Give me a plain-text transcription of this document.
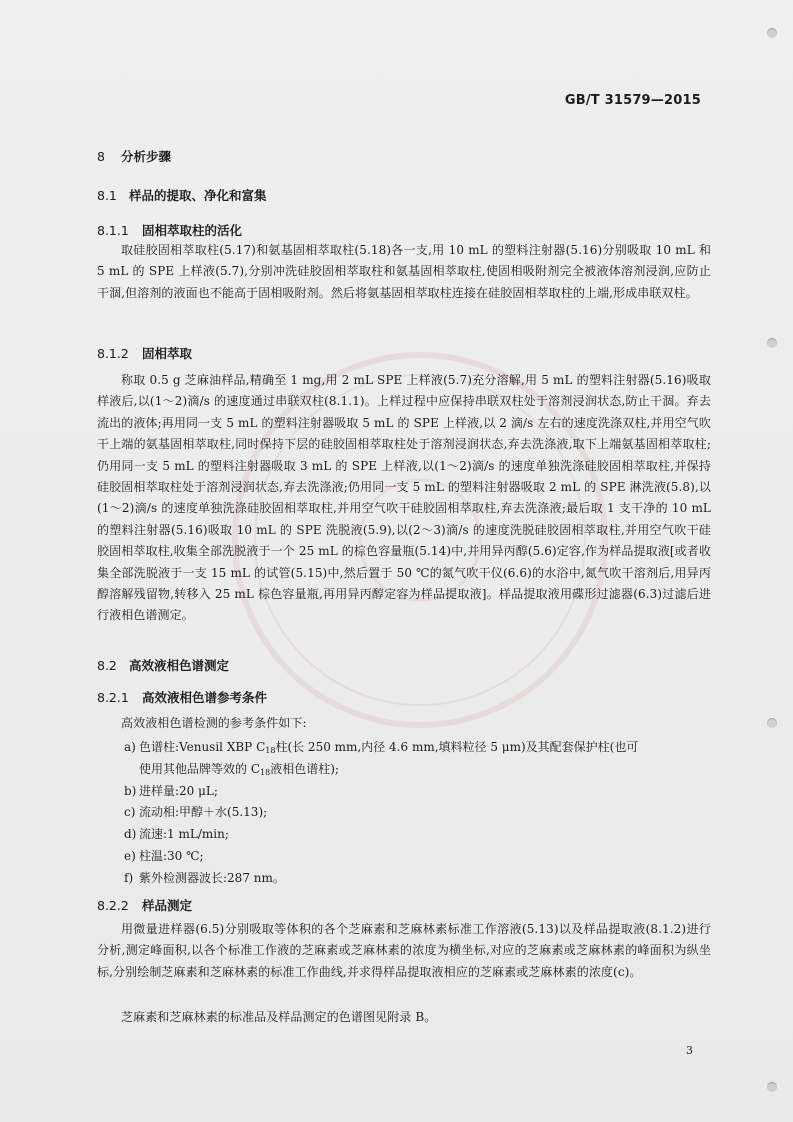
GB/T 31579—2015
8 分析步骤
8.1 样品的提取、净化和富集
8.1.1 固相萃取柱的活化

取硅胶固相萃取柱(5.17)和氨基固相萃取柱(5.18)各一支,用 10 mL 的塑料注射器(5.16)分别吸取 10 mL 和 5 mL 的 SPE 上样液(5.7),分别冲洗硅胶固相萃取柱和氨基固相萃取柱,使固相吸附剂完全被液体溶剂浸润,应防止干涸,但溶剂的液面也不能高于固相吸附剂。然后将氨基固相萃取柱连接在硅胶固相萃取柱的上端,形成串联双柱。

8.1.2 固相萃取

称取 0.5 g 芝麻油样品,精确至 1 mg,用 2 mL SPE 上样液(5.7)充分溶解,用 5 mL 的塑料注射器(5.16)吸取样液后,以(1～2)滴/s 的速度通过串联双柱(8.1.1)。上样过程中应保持串联双柱处于溶剂浸润状态,防止干涸。弃去流出的液体;再用同一支 5 mL 的塑料注射器吸取 5 mL 的 SPE 上样液,以 2 滴/s 左右的速度洗涤双柱,并用空气吹干上端的氨基固相萃取柱,同时保持下层的硅胶固相萃取柱处于溶剂浸润状态,弃去洗涤液,取下上端氨基固相萃取柱;仍用同一支 5 mL 的塑料注射器吸取 3 mL 的 SPE 上样液,以(1～2)滴/s 的速度单独洗涤硅胶固相萃取柱,并保持硅胶固相萃取柱处于溶剂浸润状态,弃去洗涤液;仍用同一支 5 mL 的塑料注射器吸取 2 mL 的 SPE 淋洗液(5.8),以(1～2)滴/s 的速度单独洗涤硅胶固相萃取柱,并用空气吹干硅胶固相萃取柱,弃去洗涤液;最后取 1 支干净的 10 mL 的塑料注射器(5.16)吸取 10 mL 的 SPE 洗脱液(5.9),以(2～3)滴/s 的速度洗脱硅胶固相萃取柱,并用空气吹干硅胶固相萃取柱,收集全部洗脱液于一个 25 mL 的棕色容量瓶(5.14)中,并用异丙醇(5.6)定容,作为样品提取液[或者收集全部洗脱液于一支 15 mL 的试管(5.15)中,然后置于 50 ℃的氮气吹干仪(6.6)的水浴中,氮气吹干溶剂后,用异丙醇溶解残留物,转移入 25 mL 棕色容量瓶,再用异丙醇定容为样品提取液]。样品提取液用碟形过滤器(6.3)过滤后进行液相色谱测定。

8.2 高效液相色谱测定
8.2.1 高效液相色谱参考条件

高效液相色谱检测的参考条件如下:

a) 色谱柱:Venusil XBP $C_{18}$柱(长 250 mm,内径 4.6 mm,填料粒径 5 μm)及其配套保护柱(也可
使用其他品牌等效的 $C_{18}$液相色谱柱);
b) 进样量:20 μL;
c) 流动相:甲醇＋水(5.13);
d) 流速:1 mL/min;
e) 柱温:30 ℃;
f) 紫外检测器波长:287 nm。
8.2.2 样品测定

用微量进样器(6.5)分别吸取等体积的各个芝麻素和芝麻林素标准工作溶液(5.13)以及样品提取液(8.1.2)进行分析,测定峰面积,以各个标准工作液的芝麻素或芝麻林素的浓度为横坐标,对应的芝麻素或芝麻林素的峰面积为纵坐标,分别绘制芝麻素和芝麻林素的标准工作曲线,并求得样品提取液相应的芝麻素或芝麻林素的浓度(c)。

芝麻素和芝麻林素的标准品及样品测定的色谱图见附录 B。

3
